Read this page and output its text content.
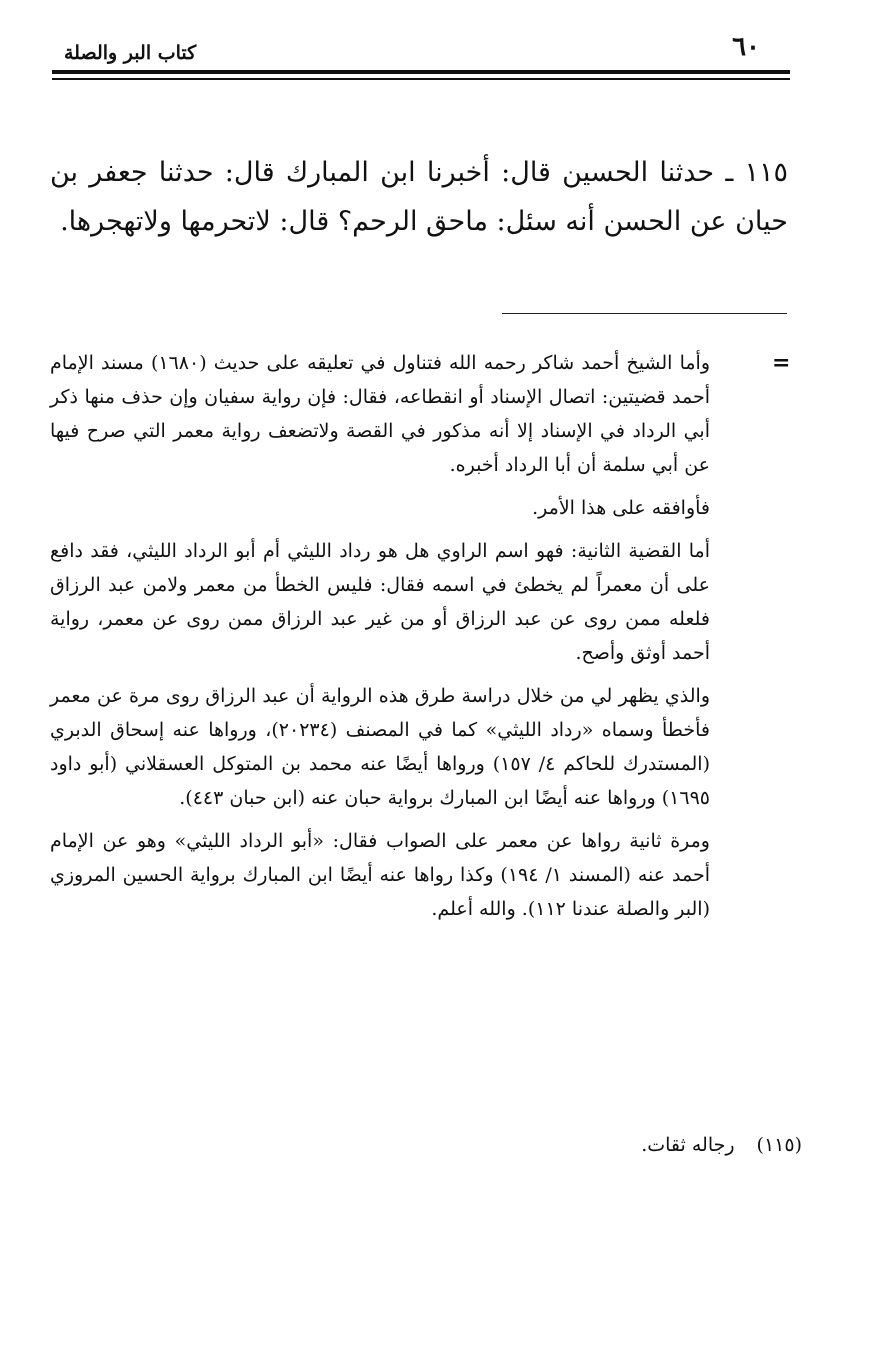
٦٠
كتاب البر والصلة

١١٥ ـ حدثنا الحسين قال: أخبرنا ابن المبارك قال: حدثنا جعفر بن حيان عن الحسن أنه سئل: ماحق الرحم؟ قال: لاتحرمها ولاتهجرها.

=

وأما الشيخ أحمد شاكر رحمه الله فتناول في تعليقه على حديث (١٦٨٠) مسند الإمام أحمد قضيتين: اتصال الإسناد أو انقطاعه، فقال: فإن رواية سفيان وإن حذف منها ذكر أبي الرداد في الإسناد إلا أنه مذكور في القصة ولاتضعف رواية معمر التي صرح فيها عن أبي سلمة أن أبا الرداد أخبره.

فأوافقه على هذا الأمر.

أما القضية الثانية: فهو اسم الراوي هل هو رداد الليثي أم أبو الرداد الليثي، فقد دافع على أن معمراً لم يخطئ في اسمه فقال: فليس الخطأ من معمر ولامن عبد الرزاق فلعله ممن روى عن عبد الرزاق أو من غير عبد الرزاق ممن روى عن معمر، رواية أحمد أوثق وأصح.

والذي يظهر لي من خلال دراسة طرق هذه الرواية أن عبد الرزاق روى مرة عن معمر فأخطأ وسماه «رداد الليثي» كما في المصنف (٢٠٢٣٤)، ورواها عنه إسحاق الدبري (المستدرك للحاكم ٤/ ١٥٧) ورواها أيضًا عنه محمد بن المتوكل العسقلاني (أبو داود ١٦٩٥) ورواها عنه أيضًا ابن المبارك برواية حبان عنه (ابن حبان ٤٤٣).

ومرة ثانية رواها عن معمر على الصواب فقال: «أبو الرداد الليثي» وهو عن الإمام أحمد عنه (المسند ١/ ١٩٤) وكذا رواها عنه أيضًا ابن المبارك برواية الحسين المروزي (البر والصلة عندنا ١١٢). والله أعلم.

(١١٥)رجاله ثقات.
